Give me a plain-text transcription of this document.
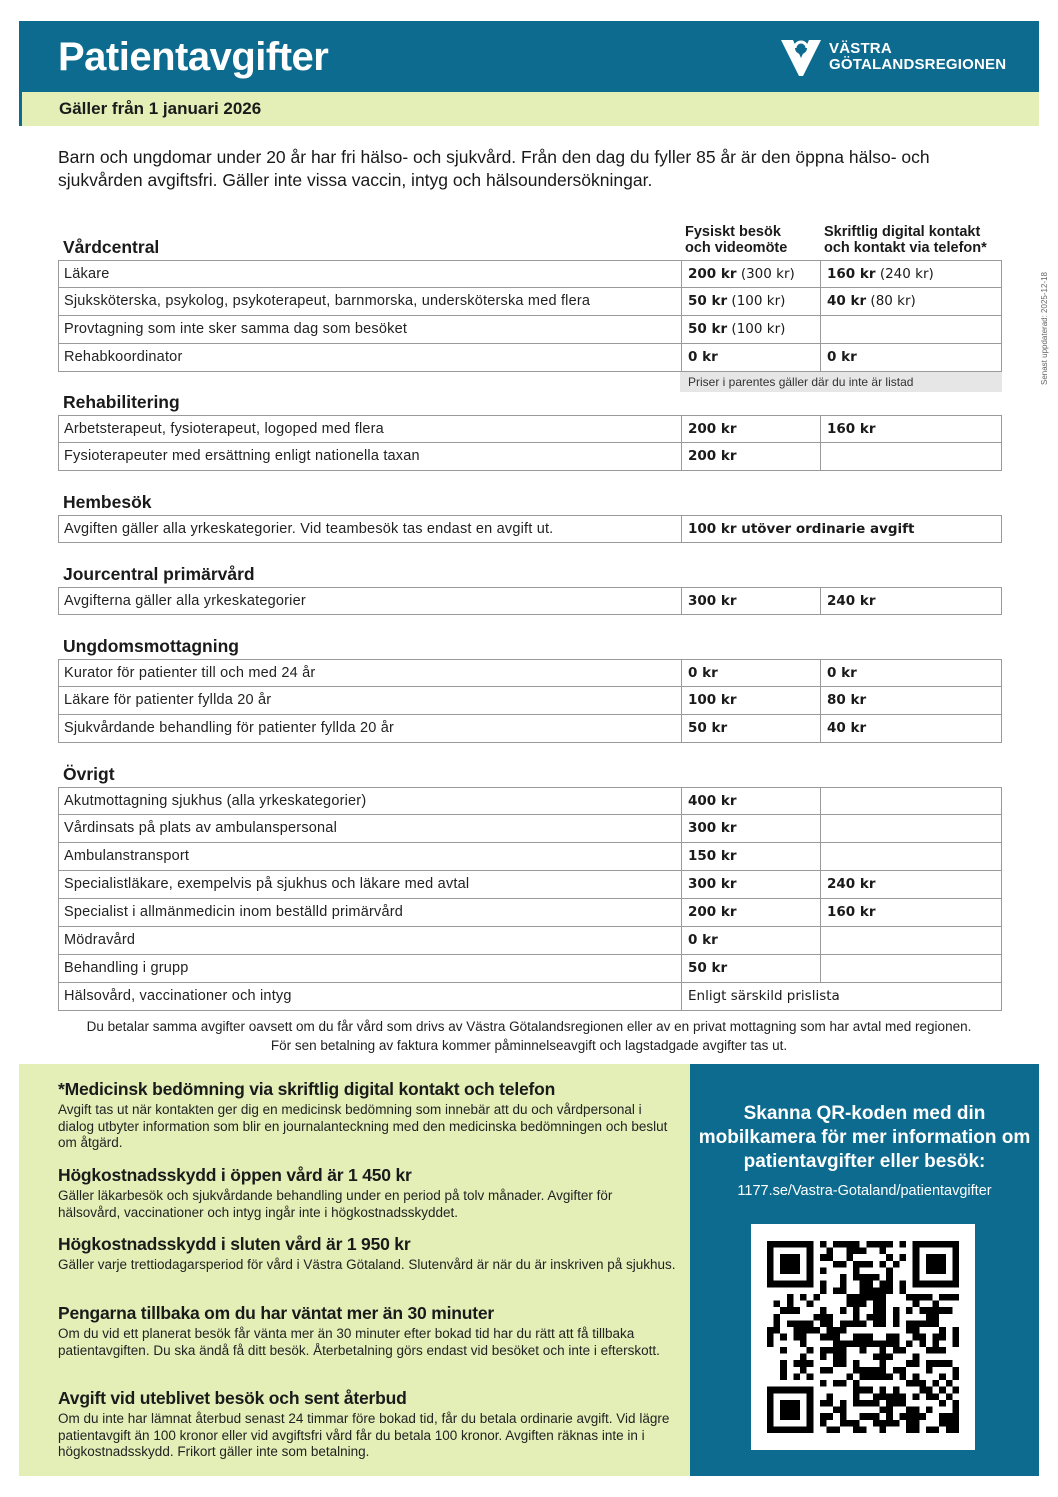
Patientavgifter	VÄSTRA
GÖTALANDSREGIONEN
Gäller från 1 januari 2026

Barn och ungdomar under 20 år har fri hälso- och sjukvård. Från den dag du fyller 85 år är den öppna hälso- och sjukvården avgiftsfri. Gäller inte vissa vaccin, intyg och hälsoundersökningar.

Fysiskt besök
och videomöte
Skriftlig digital kontakt
och kontakt via telefon*
Senast uppdaterad: 2025-12-18
Vårdcentral
Läkare	200 kr (300 kr)	160 kr (240 kr)
Sjuksköterska, psykolog, psykoterapeut, barnmorska, undersköterska med flera	50 kr (100 kr)	40 kr (80 kr)
Provtagning som inte sker samma dag som besöket	50 kr (100 kr)
Rehabkoordinator	0 kr	0 kr
Priser i parentes gäller där du inte är listad
Rehabilitering
Arbetsterapeut, fysioterapeut, logoped med flera	200 kr	160 kr
Fysioterapeuter med ersättning enligt nationella taxan	200 kr
Hembesök
Avgiften gäller alla yrkeskategorier. Vid teambesök tas endast en avgift ut.	100 kr utöver ordinarie avgift
Jourcentral primärvård
Avgifterna gäller alla yrkeskategorier	300 kr	240 kr
Ungdomsmottagning
Kurator för patienter till och med 24 år	0 kr	0 kr
Läkare för patienter fyllda 20 år	100 kr	80 kr
Sjukvårdande behandling för patienter fyllda 20 år	50 kr	40 kr
Övrigt
Akutmottagning sjukhus (alla yrkeskategorier)	400 kr
Vårdinsats på plats av ambulanspersonal	300 kr
Ambulanstransport	150 kr
Specialistläkare, exempelvis på sjukhus och läkare med avtal	300 kr	240 kr
Specialist i allmänmedicin inom beställd primärvård	200 kr	160 kr
Mödravård	0 kr
Behandling i grupp	50 kr
Hälsovård, vaccinationer och intyg	Enligt särskild prislista

Du betalar samma avgifter oavsett om du får vård som drivs av Västra Götalandsregionen eller av en privat mottagning som har avtal med regionen.

För sen betalning av faktura kommer påminnelseavgift och lagstadgade avgifter tas ut.

*Medicinsk bedömning via skriftlig digital kontakt och telefon

Avgift tas ut när kontakten ger dig en medicinsk bedömning som innebär att du och vårdpersonal i dialog utbyter information som blir en journalanteckning med den medicinska bedömningen och beslut om åtgärd.

Högkostnadsskydd i öppen vård är 1 450 kr

Gäller läkarbesök och sjukvårdande behandling under en period på tolv månader. Avgifter för hälsovård, vaccinationer och intyg ingår inte i högkostnadsskyddet.

Högkostnadsskydd i sluten vård är 1 950 kr

Gäller varje trettiodagarsperiod för vård i Västra Götaland. Slutenvård är när du är inskriven på sjukhus.

Pengarna tillbaka om du har väntat mer än 30 minuter

Om du vid ett planerat besök får vänta mer än 30 minuter efter bokad tid har du rätt att få tillbaka patientavgiften. Du ska ändå få ditt besök. Återbetalning görs endast vid besöket och inte i efterskott.

Avgift vid uteblivet besök och sent återbud

Om du inte har lämnat återbud senast 24 timmar före bokad tid, får du betala ordinarie avgift. Vid lägre patientavgift än 100 kronor eller vid avgiftsfri vård får du betala 100 kronor. Avgiften räknas inte in i högkostnadsskydd. Frikort gäller inte som betalning.

Skanna QR-koden med din mobilkamera för mer information om patientavgifter eller besök:
1177.se/Vastra-Gotaland/patientavgifter
